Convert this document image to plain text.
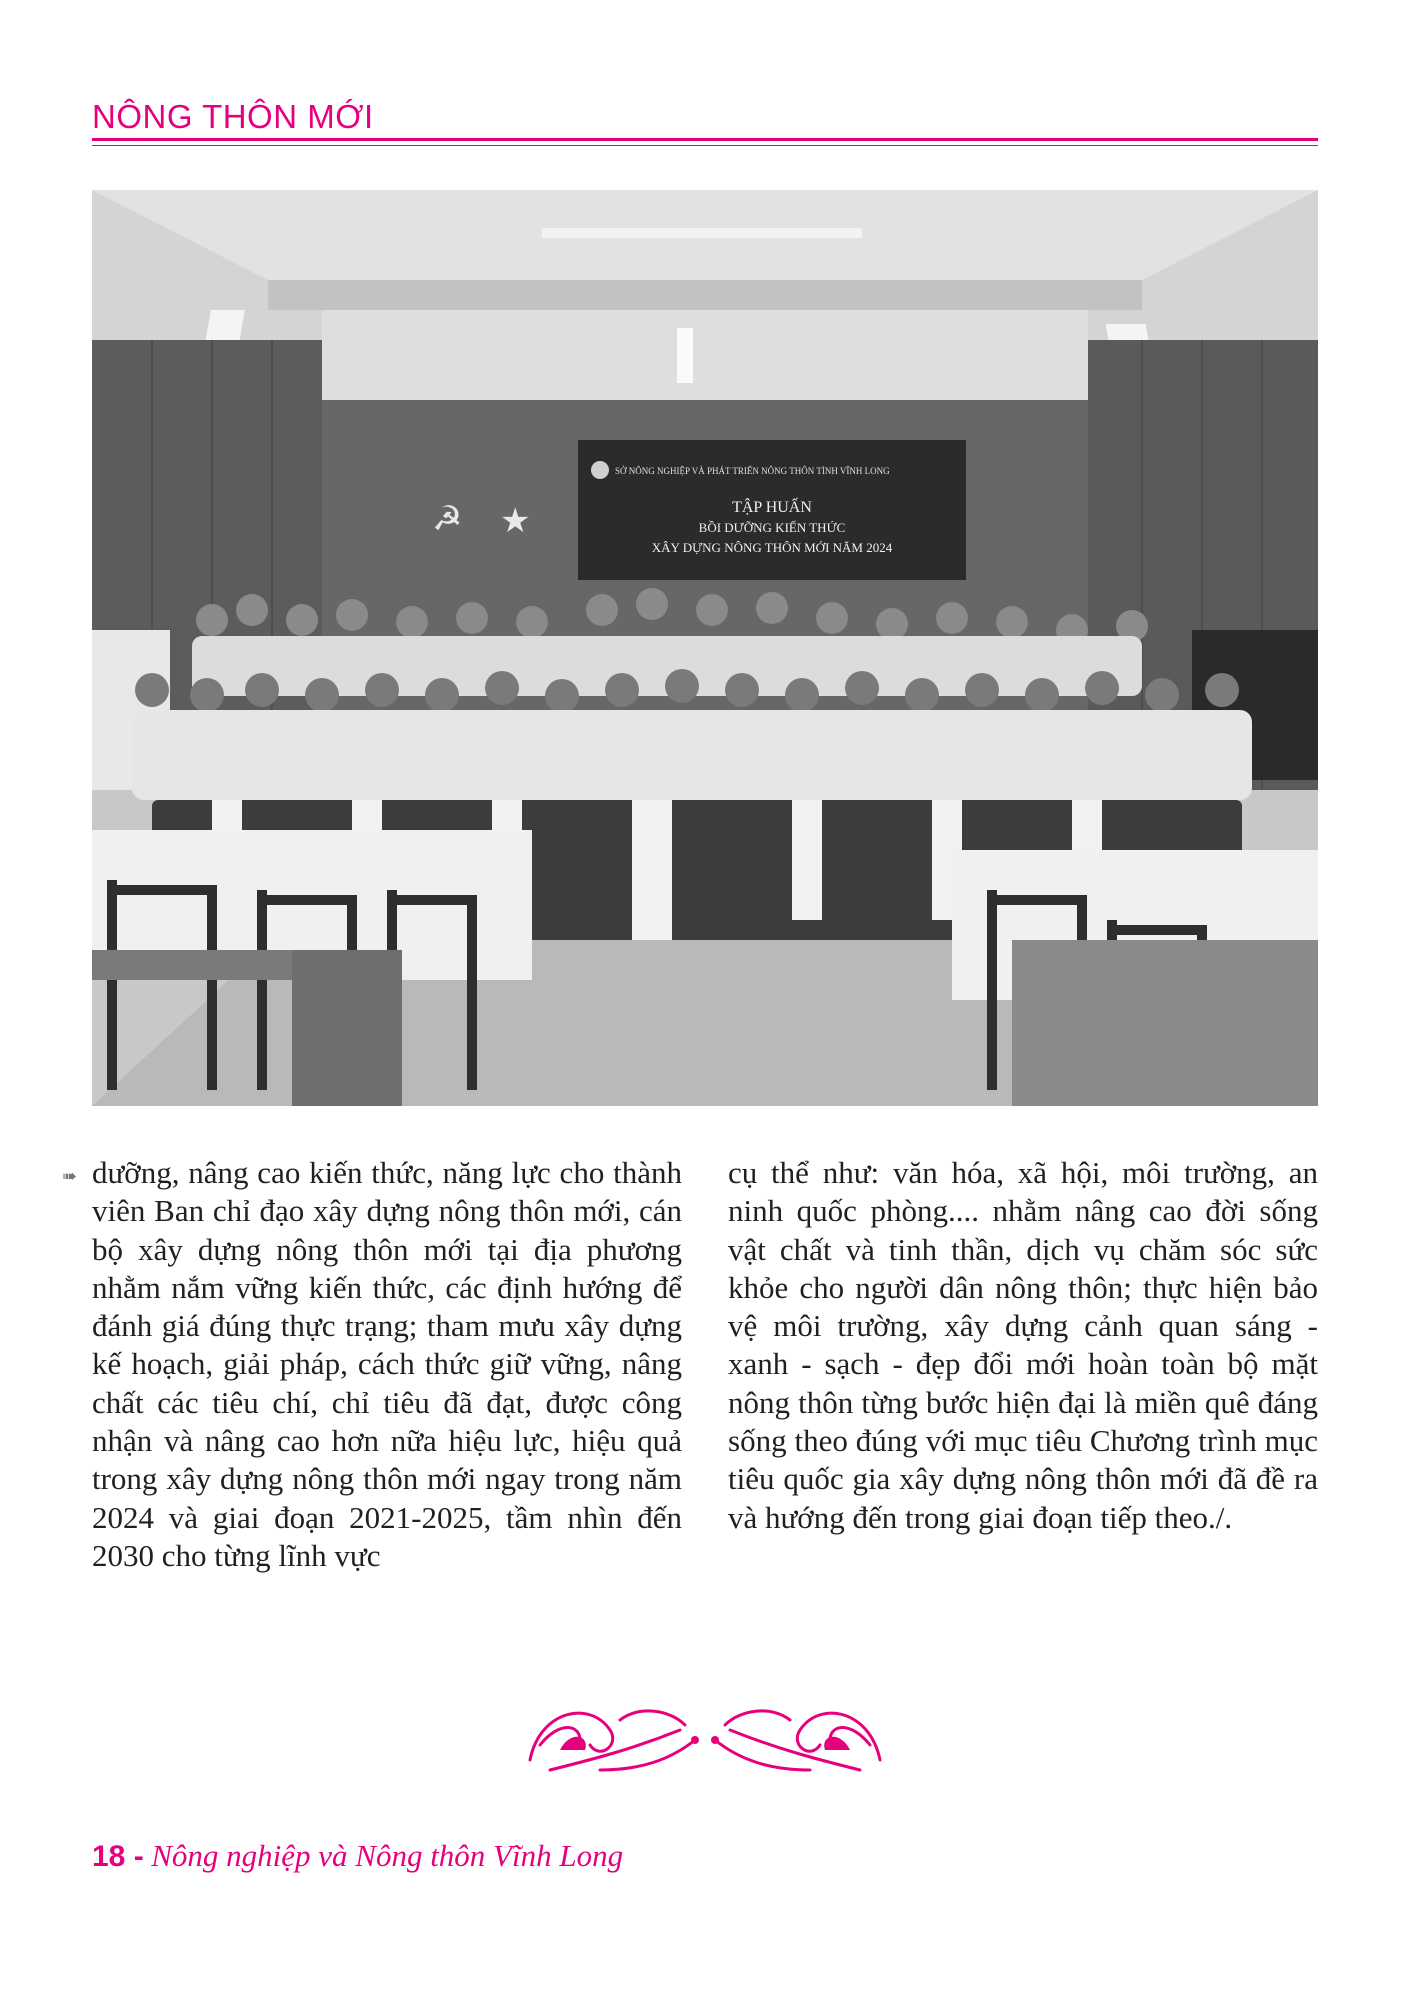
NÔNG THÔN MỚI
☭ ★
SỞ NÔNG NGHIỆP VÀ PHÁT TRIỂN NÔNG THÔN TỈNH VĨNH LONG
TẬP HUẤN
BỒI DƯỠNG KIẾN THỨC
XÂY DỰNG NÔNG THÔN MỚI NĂM 2024
➠ dưỡng, nâng cao kiến thức, năng lực cho thành viên Ban chỉ đạo xây dựng nông thôn mới, cán bộ xây dựng nông thôn mới tại địa phương nhằm nắm vững kiến thức, các định hướng để đánh giá đúng thực trạng; tham mưu xây dựng kế hoạch, giải pháp, cách thức giữ vững, nâng chất các tiêu chí, chỉ tiêu đã đạt, được công nhận và nâng cao hơn nữa hiệu lực, hiệu quả trong xây dựng nông thôn mới ngay trong năm 2024 và giai đoạn 2021-2025, tầm nhìn đến 2030 cho từng lĩnh vực
cụ thể như: văn hóa, xã hội, môi trường, an ninh quốc phòng.... nhằm nâng cao đời sống vật chất và tinh thần, dịch vụ chăm sóc sức khỏe cho người dân nông thôn; thực hiện bảo vệ môi trường, xây dựng cảnh quan sáng - xanh - sạch - đẹp đổi mới hoàn toàn bộ mặt nông thôn từng bước hiện đại là miền quê đáng sống theo đúng với mục tiêu Chương trình mục tiêu quốc gia xây dựng nông thôn mới đã đề ra và hướng đến trong giai đoạn tiếp theo./.
18 - Nông nghiệp và Nông thôn Vĩnh Long
